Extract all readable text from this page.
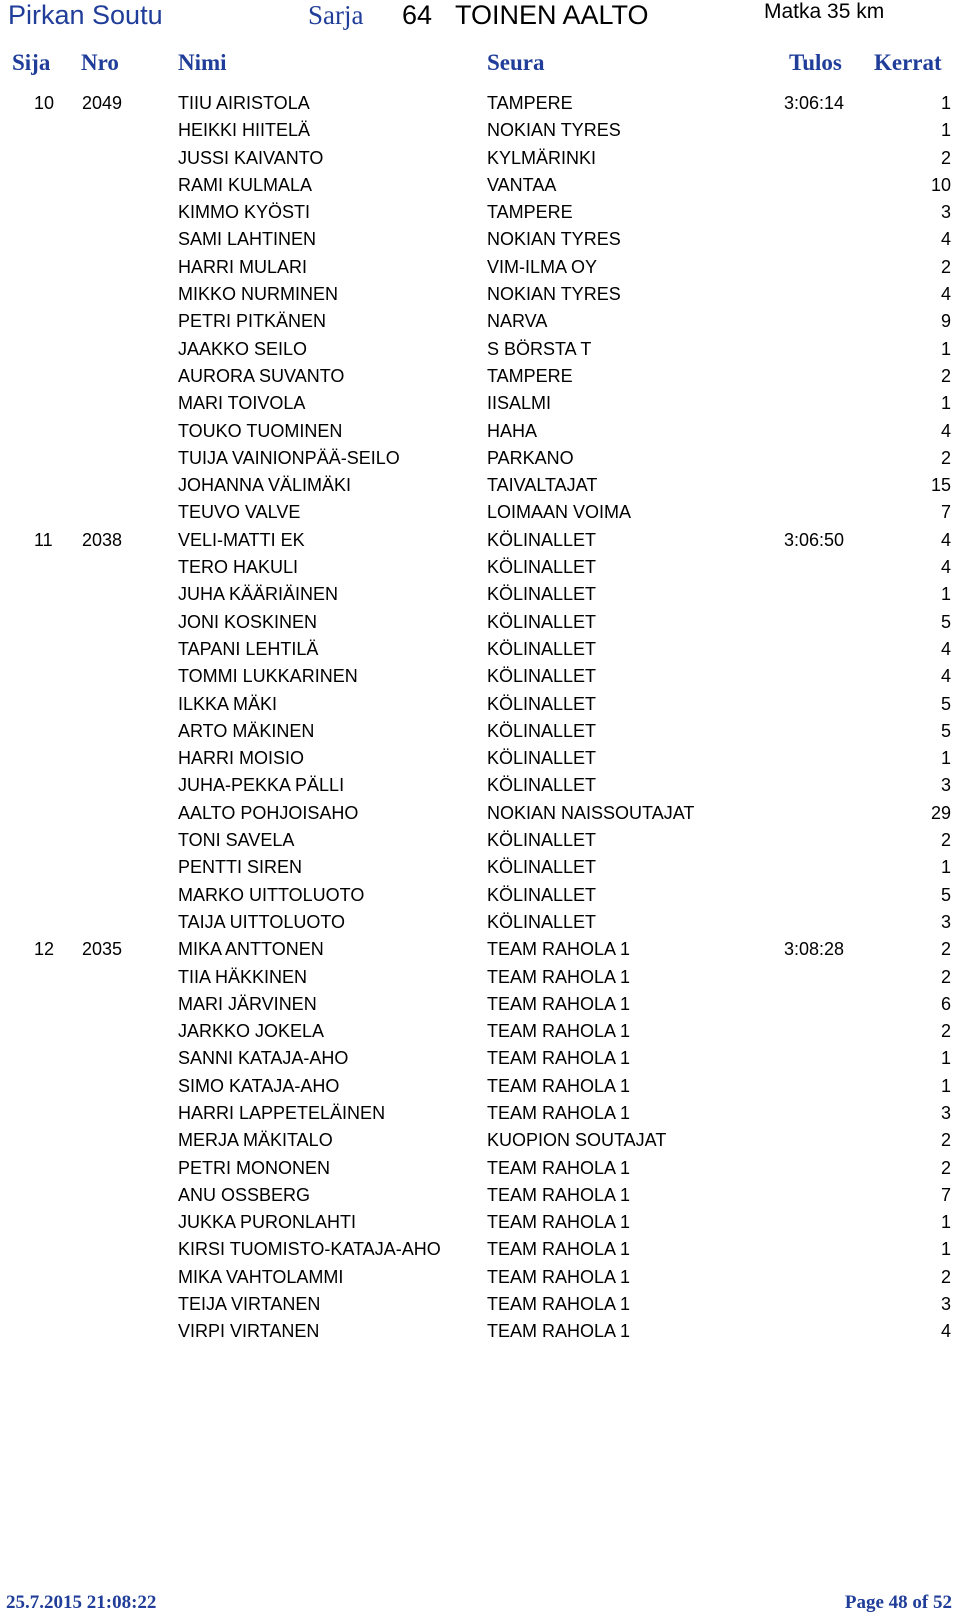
Pirkan Soutu	Sarja 64 TOINEN AALTO	Matka 35 km
Sija Nro	Nimi	Seura	Tulos Kerrat
10 2049	TIIU AIRISTOLA	TAMPERE	3:06:14	1
HEIKKI HIITELÄ	NOKIAN TYRES	1
JUSSI KAIVANTO	KYLMÄRINKI	2
RAMI KULMALA	VANTAA	10
KIMMO KYÖSTI	TAMPERE	3
SAMI LAHTINEN	NOKIAN TYRES	4
HARRI MULARI	VIM-ILMA OY	2
MIKKO NURMINEN	NOKIAN TYRES	4
PETRI PITKÄNEN	NARVA	9
JAAKKO SEILO	S BÖRSTA T	1
AURORA SUVANTO	TAMPERE	2
MARI TOIVOLA	IISALMI	1
TOUKO TUOMINEN	HAHA	4
TUIJA VAINIONPÄÄ-SEILO	PARKANO	2
JOHANNA VÄLIMÄKI	TAIVALTAJAT	15
TEUVO VALVE	LOIMAAN VOIMA	7
11 2038	VELI-MATTI EK	KÖLINALLET	3:06:50	4
TERO HAKULI	KÖLINALLET	4
JUHA KÄÄRIÄINEN	KÖLINALLET	1
JONI KOSKINEN	KÖLINALLET	5
TAPANI LEHTILÄ	KÖLINALLET	4
TOMMI LUKKARINEN	KÖLINALLET	4
ILKKA MÄKI	KÖLINALLET	5
ARTO MÄKINEN	KÖLINALLET	5
HARRI MOISIO	KÖLINALLET	1
JUHA-PEKKA PÄLLI	KÖLINALLET	3
AALTO POHJOISAHO	NOKIAN NAISSOUTAJAT	29
TONI SAVELA	KÖLINALLET	2
PENTTI SIREN	KÖLINALLET	1
MARKO UITTOLUOTO	KÖLINALLET	5
TAIJA UITTOLUOTO	KÖLINALLET	3
12 2035	MIKA ANTTONEN	TEAM RAHOLA 1	3:08:28	2
TIIA HÄKKINEN	TEAM RAHOLA 1	2
MARI JÄRVINEN	TEAM RAHOLA 1	6
JARKKO JOKELA	TEAM RAHOLA 1	2
SANNI KATAJA-AHO	TEAM RAHOLA 1	1
SIMO KATAJA-AHO	TEAM RAHOLA 1	1
HARRI LAPPETELÄINEN	TEAM RAHOLA 1	3
MERJA MÄKITALO	KUOPION SOUTAJAT	2
PETRI MONONEN	TEAM RAHOLA 1	2
ANU OSSBERG	TEAM RAHOLA 1	7
JUKKA PURONLAHTI	TEAM RAHOLA 1	1
KIRSI TUOMISTO-KATAJA-AHO	TEAM RAHOLA 1	1
MIKA VAHTOLAMMI	TEAM RAHOLA 1	2
TEIJA VIRTANEN	TEAM RAHOLA 1	3
VIRPI VIRTANEN	TEAM RAHOLA 1	4
25.7.2015 21:08:22	Page 48 of 52
